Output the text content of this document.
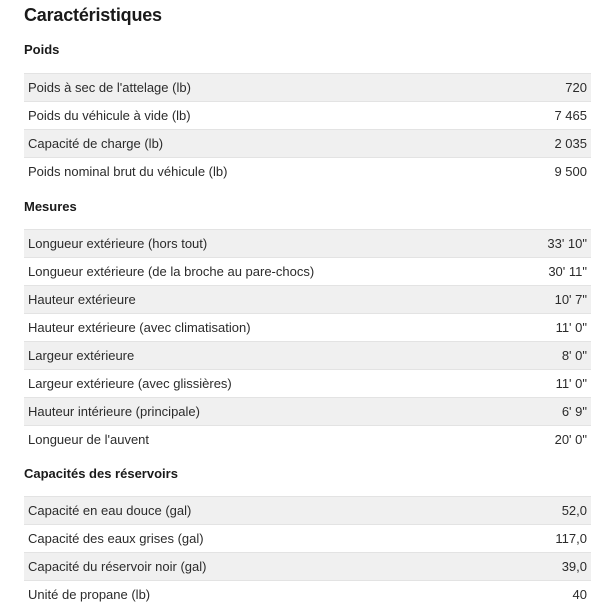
Caractéristiques
Poids
Poids à sec de l'attelage (lb)	720
Poids du véhicule à vide (lb)	7 465
Capacité de charge (lb)	2 035
Poids nominal brut du véhicule (lb)	9 500
Mesures
Longueur extérieure (hors tout)	33' 10"
Longueur extérieure (de la broche au pare-chocs)	30' 11"
Hauteur extérieure	10' 7"
Hauteur extérieure (avec climatisation)	11' 0"
Largeur extérieure	8' 0"
Largeur extérieure (avec glissières)	11' 0"
Hauteur intérieure (principale)	6' 9"
Longueur de l'auvent	20' 0"
Capacités des réservoirs
Capacité en eau douce (gal)	52,0
Capacité des eaux grises (gal)	117,0
Capacité du réservoir noir (gal)	39,0
Unité de propane (lb)	40
